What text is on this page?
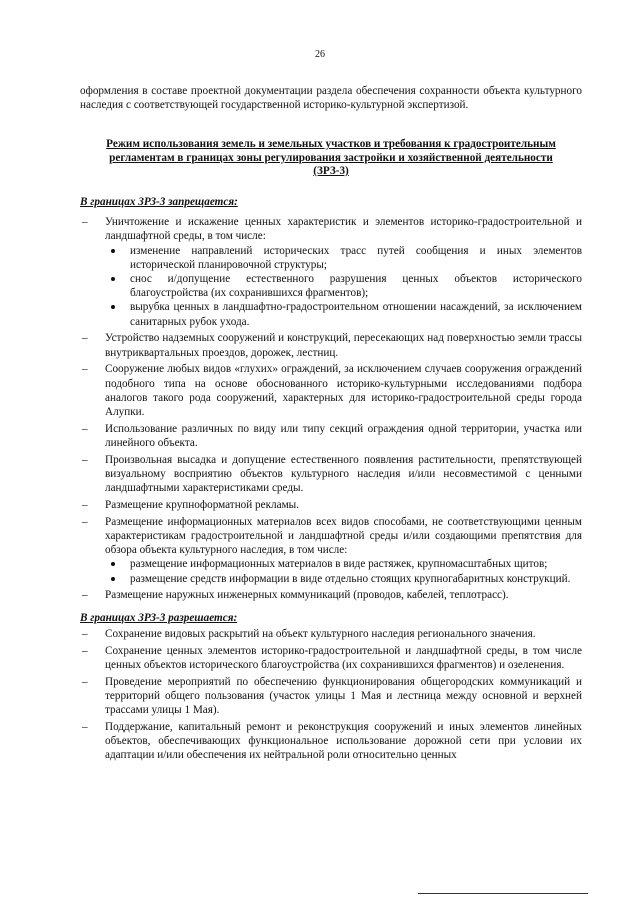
26

оформления в составе проектной документации раздела обеспечения сохранности объекта культурного наследия с соответствующей государственной историко-культурной экспертизой.

Режим использования земель и земельных участков и требования к градостроительным регламентам в границах зоны регулирования застройки и хозяйственной деятельности (ЗРЗ-3)
В границах ЗРЗ-3 запрещается:
– Уничтожение и искажение ценных характеристик и элементов историко-градостроительной и ландшафтной среды, в том числе:
изменение направлений исторических трасс путей сообщения и иных элементов исторической планировочной структуры;
снос и/допущение естественного разрушения ценных объектов исторического благоустройства (их сохранившихся фрагментов);
вырубка ценных в ландшафтно-градостроительном отношении насаждений, за исключением санитарных рубок ухода.
– Устройство надземных сооружений и конструкций, пересекающих над поверхностью земли трассы внутриквартальных проездов, дорожек, лестниц.
– Сооружение любых видов «глухих» ограждений, за исключением случаев сооружения ограждений подобного типа на основе обоснованного историко-культурными исследованиями подбора аналогов такого рода сооружений, характерных для историко-градостроительной среды города Алупки.
– Использование различных по виду или типу секций ограждения одной территории, участка или линейного объекта.
– Произвольная высадка и допущение естественного появления растительности, препятствующей визуальному восприятию объектов культурного наследия и/или несовместимой с ценными ландшафтными характеристиками среды.
– Размещение крупноформатной рекламы.
– Размещение информационных материалов всех видов способами, не соответствующими ценным характеристикам градостроительной и ландшафтной среды и/или создающими препятствия для обзора объекта культурного наследия, в том числе:
размещение информационных материалов в виде растяжек, крупномасштабных щитов;
размещение средств информации в виде отдельно стоящих крупногабаритных конструкций.
– Размещение наружных инженерных коммуникаций (проводов, кабелей, теплотрасс).
В границах ЗРЗ-3 разрешается:
– Сохранение видовых раскрытий на объект культурного наследия регионального значения.
– Сохранение ценных элементов историко-градостроительной и ландшафтной среды, в том числе ценных объектов исторического благоустройства (их сохранившихся фрагментов) и озеленения.
– Проведение мероприятий по обеспечению функционирования общегородских коммуникаций и территорий общего пользования (участок улицы 1 Мая и лестница между основной и верхней трассами улицы 1 Мая).
– Поддержание, капитальный ремонт и реконструкция сооружений и иных элементов линейных объектов, обеспечивающих функциональное использование дорожной сети при условии их адаптации и/или обеспечения их нейтральной роли относительно ценных
